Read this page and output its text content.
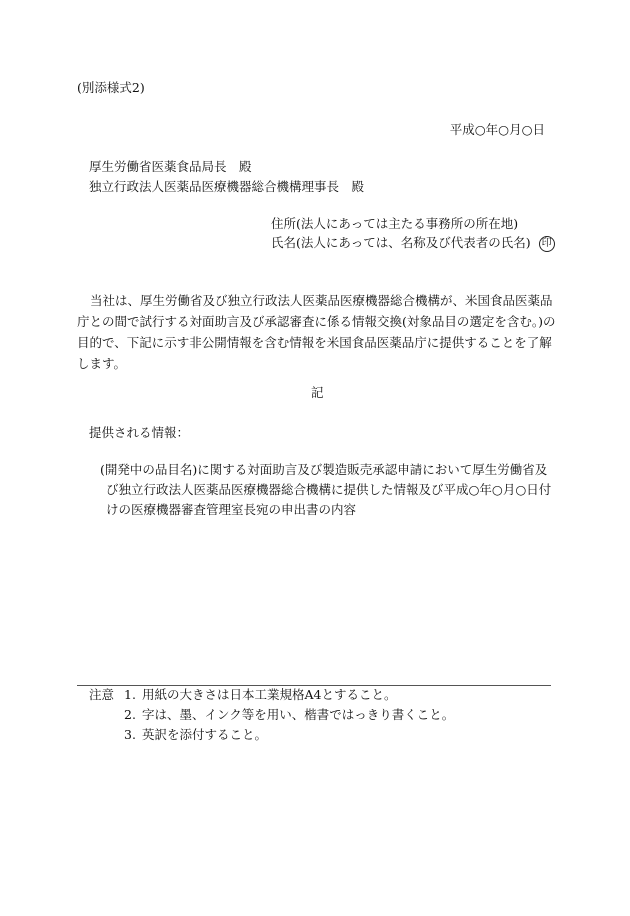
(別添様式2)
平成○年○月○日
厚生労働省医薬食品局長　殿
独立行政法人医薬品医療機器総合機構理事長　殿
住所(法人にあっては主たる事務所の所在地)
氏名(法人にあっては、名称及び代表者の氏名) 印
当社は、厚生労働省及び独立行政法人医薬品医療機器総合機構が、米国食品医薬品庁との間で試行する対面助言及び承認審査に係る情報交換(対象品目の選定を含む。)の目的で、下記に示す非公開情報を含む情報を米国食品医薬品庁に提供することを了解します。
記
提供される情報：
(開発中の品目名)に関する対面助言及び製造販売承認申請において厚生労働省及び独立行政法人医薬品医療機器総合機構に提供した情報及び平成○年○月○日付けの医療機器審査管理室長宛の申出書の内容
注意 1. 用紙の大きさは日本工業規格A4とすること。
2. 字は、墨、インク等を用い、楷書ではっきり書くこと。
3. 英訳を添付すること。
